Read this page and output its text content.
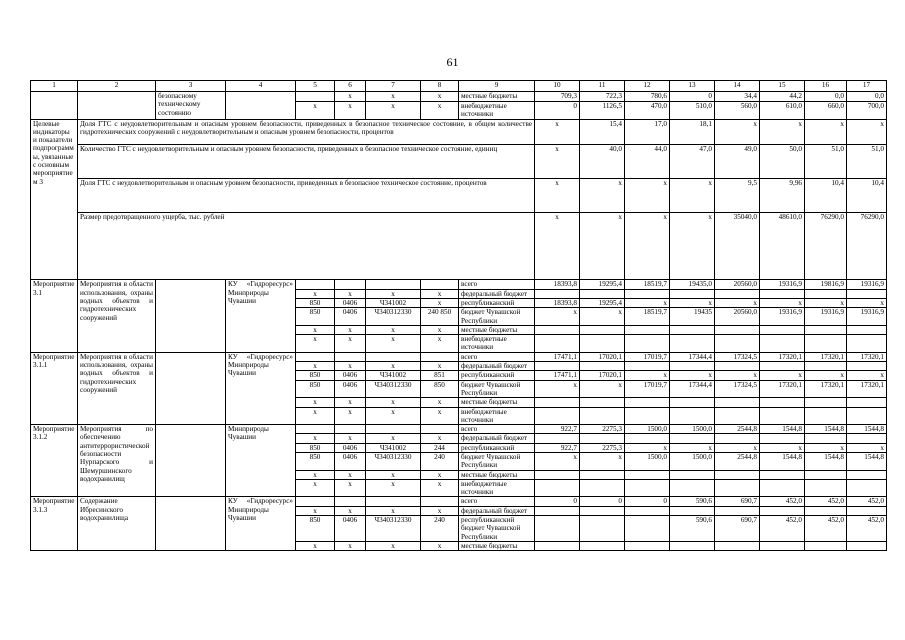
61
1	2	3	4	5	6	7	8	9	10	11	12	13	14	15	16	17	
		безопасному техническому состоянию			x	x	x	местные бюджеты	709,3	722,3	780,6	0	34,4	44,2	0,0	0,0	
				x	x	x	x	внебюджетные источники	0	1126,5	470,0	510,0	560,0	610,0	660,0	700,0	
Целевые индикаторы и показатели подпрограммы, увязанные с основным мероприятием 3	Доля ГТС с неудовлетворительным и опасным уровнем безопасности, приведенных в безопасное техническое состояние, в общем количестве гидротехнических сооружений с неудовлетворительным и опасным уровнем безопасности, процентов								x	15,4	17,0	18,1	x	x	x	x	
	Количество ГТС с неудовлетворительным и опасным уровнем безопасности, приведенных в безопасное техническое состояние, единиц								x	40,0	44,0	47,0	49,0	50,0	51,0	51,0	
	Доля ГТС с неудовлетворительным и опасным уровнем безопасности, приведенных в безопасное техническое состояние, процентов								x	x	x	x	9,5	9,96	10,4	10,4	
	Размер предотвращенного ущерба, тыс. рублей								x	x	x	x	35040,0	48610,0	76290,0	76290,0	
Мероприятие 3.1	Мероприятия в области использования, охраны водных объектов и гидротехнических сооружений		КУ «Гидроресурс» Минприроды Чувашии					всего	18393,8	19295,4	18519,7	19435,0	20560,0	19316,9	19816,9	19316,9	
				x	x	x	x	федеральный бюджет									
				850	0406	Ч341002	x	республиканский	18393,8	19295,4	x	x	x	x	x	x	
				850	0406	Ч340312330	240 850	бюджет Чувашской Республики	x	x	18519,7	19435	20560,0	19316,9	19316,9	19316,9	
				x	x	x	x	местные бюджеты									
				x	x	x	x	внебюджетные источники									
Мероприятие 3.1.1	Мероприятия в области использования, охраны водных объектов и гидротехнических сооружений		КУ «Гидроресурс» Минприроды Чувашии					всего	17471,1	17020,1	17019,7	17344,4	17324,5	17320,1	17320,1	17320,1	
				x	x	x	x	федеральный бюджет									
				850	0406	Ч341002	851	республиканский	17471,1	17020,1	x	x	x	x	x	x	
				850	0406	Ч340312330	850	бюджет Чувашской Республики	x	x	17019,7	17344,4	17324,5	17320,1	17320,1	17320,1	
				x	x	x	x	местные бюджеты									
				x	x	x	x	внебюджетные источники									
Мероприятие 3.1.2	Мероприятия по обеспечению антитеррористической безопасности Нурпарского и Шемуршинского водохранилищ		Минприроды Чувашии					всего	922,7	2275,3	1500,0	1500,0	2544,8	1544,8	1544,8	1544,8	
				x	x	x	x	федеральный бюджет									
				850	0406	Ч341002	244	республиканский	922,7	2275,3	x	x	x	x	x	x	
				850	0406	Ч340312330	240	бюджет Чувашской Республики	x	x	1500,0	1500,0	2544,8	1544,8	1544,8	1544,8	
				x	x	x	x	местные бюджеты									
				x	x	x	x	внебюджетные источники									
Мероприятие 3.1.3	Содержание Ибресинского водохранилища		КУ «Гидроресурс» Минприроды Чувашии					всего	0	0	0	590,6	690,7	452,0	452,0	452,0	
				x	x	x	x	федеральный бюджет									
				850	0406	Ч340312330	240	республиканский бюджет Чувашской Республики				590,6	690,7	452,0	452,0	452,0	
				x	x	x	x	местные бюджеты									
